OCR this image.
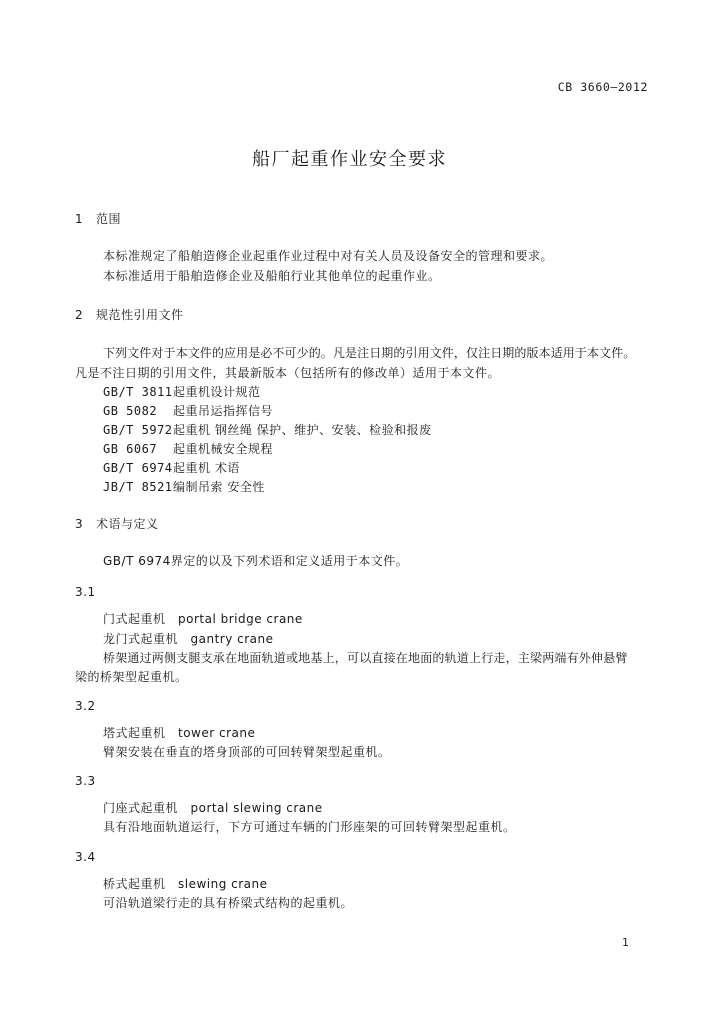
CB 3660—2012
船厂起重作业安全要求
1 范围
本标准规定了船舶造修企业起重作业过程中对有关人员及设备安全的管理和要求。
本标准适用于船舶造修企业及船舶行业其他单位的起重作业。
2 规范性引用文件
下列文件对于本文件的应用是必不可少的。凡是注日期的引用文件，仅注日期的版本适用于本文件。
凡是不注日期的引用文件，其最新版本（包括所有的修改单）适用于本文件。
GB/T 3811 起重机设计规范
GB 5082 起重吊运指挥信号
GB/T 5972 起重机 钢丝绳 保护、维护、安装、检验和报废
GB 6067 起重机械安全规程
GB/T 6974 起重机 术语
JB/T 8521 编制吊索 安全性
3 术语与定义
GB/T 6974界定的以及下列术语和定义适用于本文件。
3.1
门式起重机　portal bridge crane
龙门式起重机　gantry crane
桥架通过两侧支腿支承在地面轨道或地基上，可以直接在地面的轨道上行走，主梁两端有外伸悬臂
梁的桥架型起重机。
3.2
塔式起重机　tower crane
臂架安装在垂直的塔身顶部的可回转臂架型起重机。
3.3
门座式起重机　portal slewing crane
具有沿地面轨道运行，下方可通过车辆的门形座架的可回转臂架型起重机。
3.4
桥式起重机　slewing crane
可沿轨道梁行走的具有桥梁式结构的起重机。
1
